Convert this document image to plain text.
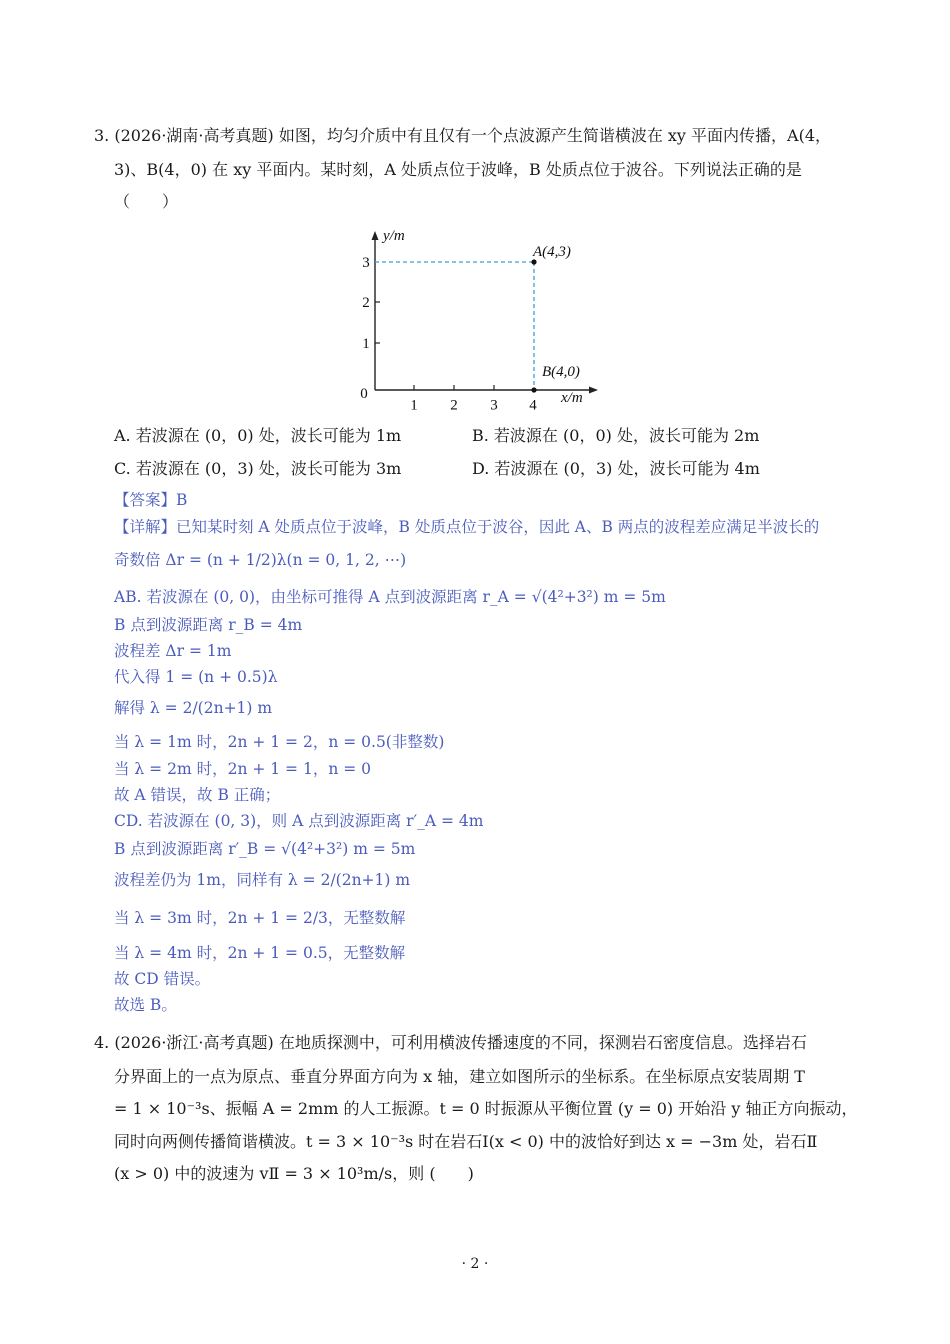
3. (2026·湖南·高考真题) 如图，均匀介质中有且仅有一个点波源产生简谐横波在 xy 平面内传播，A(4，
3)、B(4，0) 在 xy 平面内。某时刻，A 处质点位于波峰，B 处质点位于波谷。下列说法正确的是
（　　）
y/m
x/m
0
1 2 3 4
1
2
3
A(4,3)
B(4,0)
A. 若波源在 (0，0) 处，波长可能为 1m	B. 若波源在 (0，0) 处，波长可能为 2m
C. 若波源在 (0，3) 处，波长可能为 3m	D. 若波源在 (0，3) 处，波长可能为 4m
【答案】B
【详解】已知某时刻 A 处质点位于波峰，B 处质点位于波谷，因此 A、B 两点的波程差应满足半波长的
奇数倍 Δr = (n + 1/2)λ(n = 0, 1, 2, ⋯)
AB. 若波源在 (0, 0)，由坐标可推得 A 点到波源距离 r_A = √(4²+3²) m = 5m
B 点到波源距离 r_B = 4m
波程差 Δr = 1m
代入得 1 = (n + 0.5)λ
解得 λ = 2/(2n+1) m
当 λ = 1m 时，2n + 1 = 2，n = 0.5(非整数)
当 λ = 2m 时，2n + 1 = 1，n = 0
故 A 错误，故 B 正确；
CD. 若波源在 (0, 3)，则 A 点到波源距离 r′_A = 4m
B 点到波源距离 r′_B = √(4²+3²) m = 5m
波程差仍为 1m，同样有 λ = 2/(2n+1) m
当 λ = 3m 时，2n + 1 = 2/3，无整数解
当 λ = 4m 时，2n + 1 = 0.5，无整数解
故 CD 错误。
故选 B。
4. (2026·浙江·高考真题) 在地质探测中，可利用横波传播速度的不同，探测岩石密度信息。选择岩石
分界面上的一点为原点、垂直分界面方向为 x 轴，建立如图所示的坐标系。在坐标原点安装周期 T
= 1 × 10⁻³s、振幅 A = 2mm 的人工振源。t = 0 时振源从平衡位置 (y = 0) 开始沿 y 轴正方向振动，
同时向两侧传播简谐横波。t = 3 × 10⁻³s 时在岩石Ⅰ(x < 0) 中的波恰好到达 x = −3m 处，岩石Ⅱ
(x > 0) 中的波速为 vⅡ = 3 × 10³m/s，则 (　　)
· 2 ·
